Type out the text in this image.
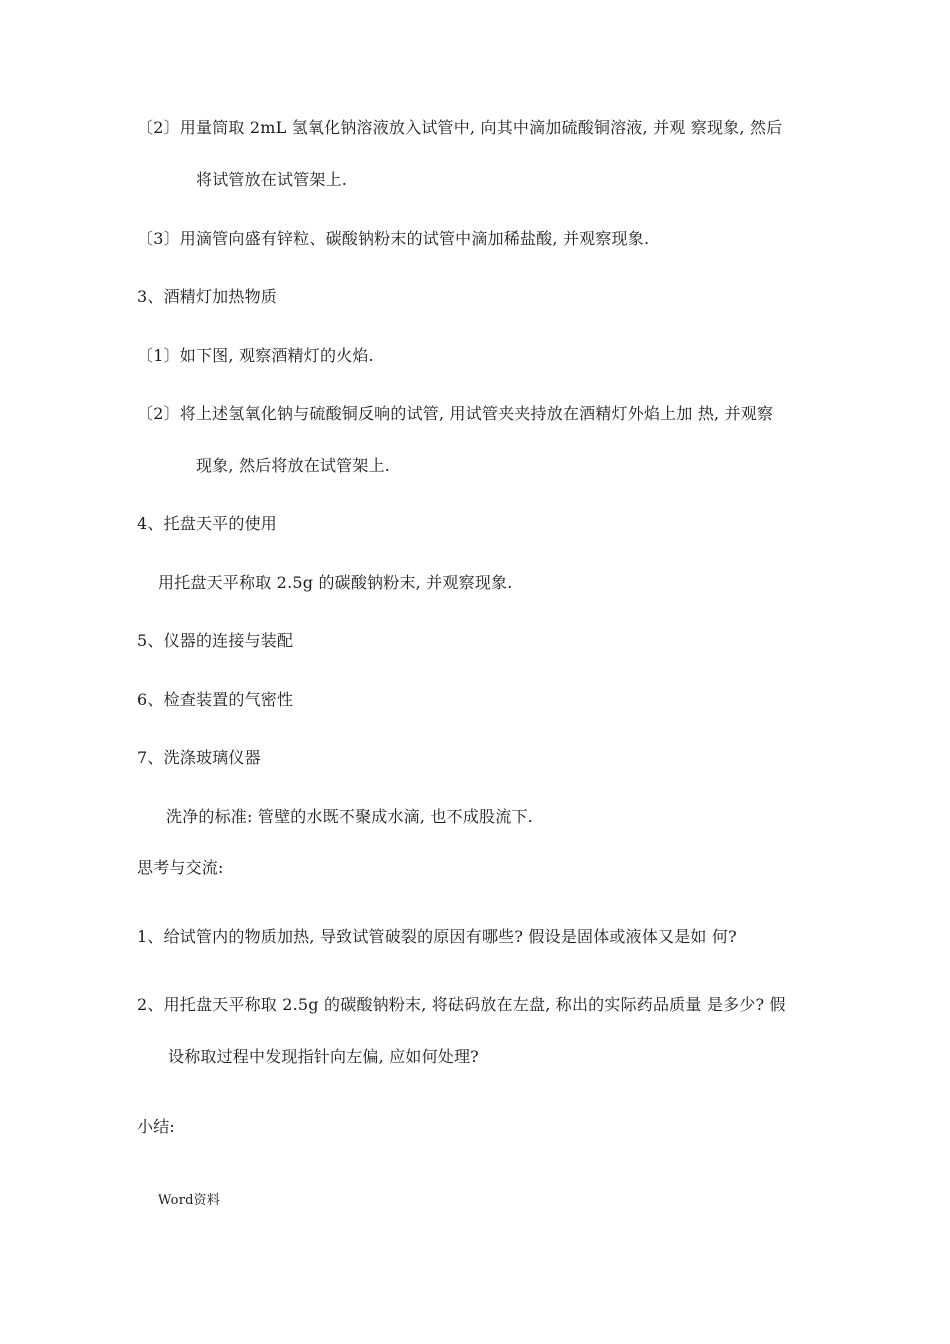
〔2〕用量筒取 2mL 氢氧化钠溶液放入试管中, 向其中滴加硫酸铜溶液, 并观 察现象, 然后
将试管放在试管架上.
〔3〕用滴管向盛有锌粒、碳酸钠粉末的试管中滴加稀盐酸, 并观察现象.
3、酒精灯加热物质
〔1〕如下图, 观察酒精灯的火焰.
〔2〕将上述氢氧化钠与硫酸铜反响的试管, 用试管夹夹持放在酒精灯外焰上加 热, 并观察
现象, 然后将放在试管架上.
4、托盘天平的使用
用托盘天平称取 2.5g 的碳酸钠粉末, 并观察现象.
5、仪器的连接与装配
6、检查装置的气密性
7、洗涤玻璃仪器
洗净的标准: 管壁的水既不聚成水滴, 也不成股流下.
思考与交流:
1、给试管内的物质加热, 导致试管破裂的原因有哪些? 假设是固体或液体又是如 何?
2、用托盘天平称取 2.5g 的碳酸钠粉末, 将砝码放在左盘, 称出的实际药品质量 是多少? 假
设称取过程中发现指针向左偏, 应如何处理?
小结:
Word资料
